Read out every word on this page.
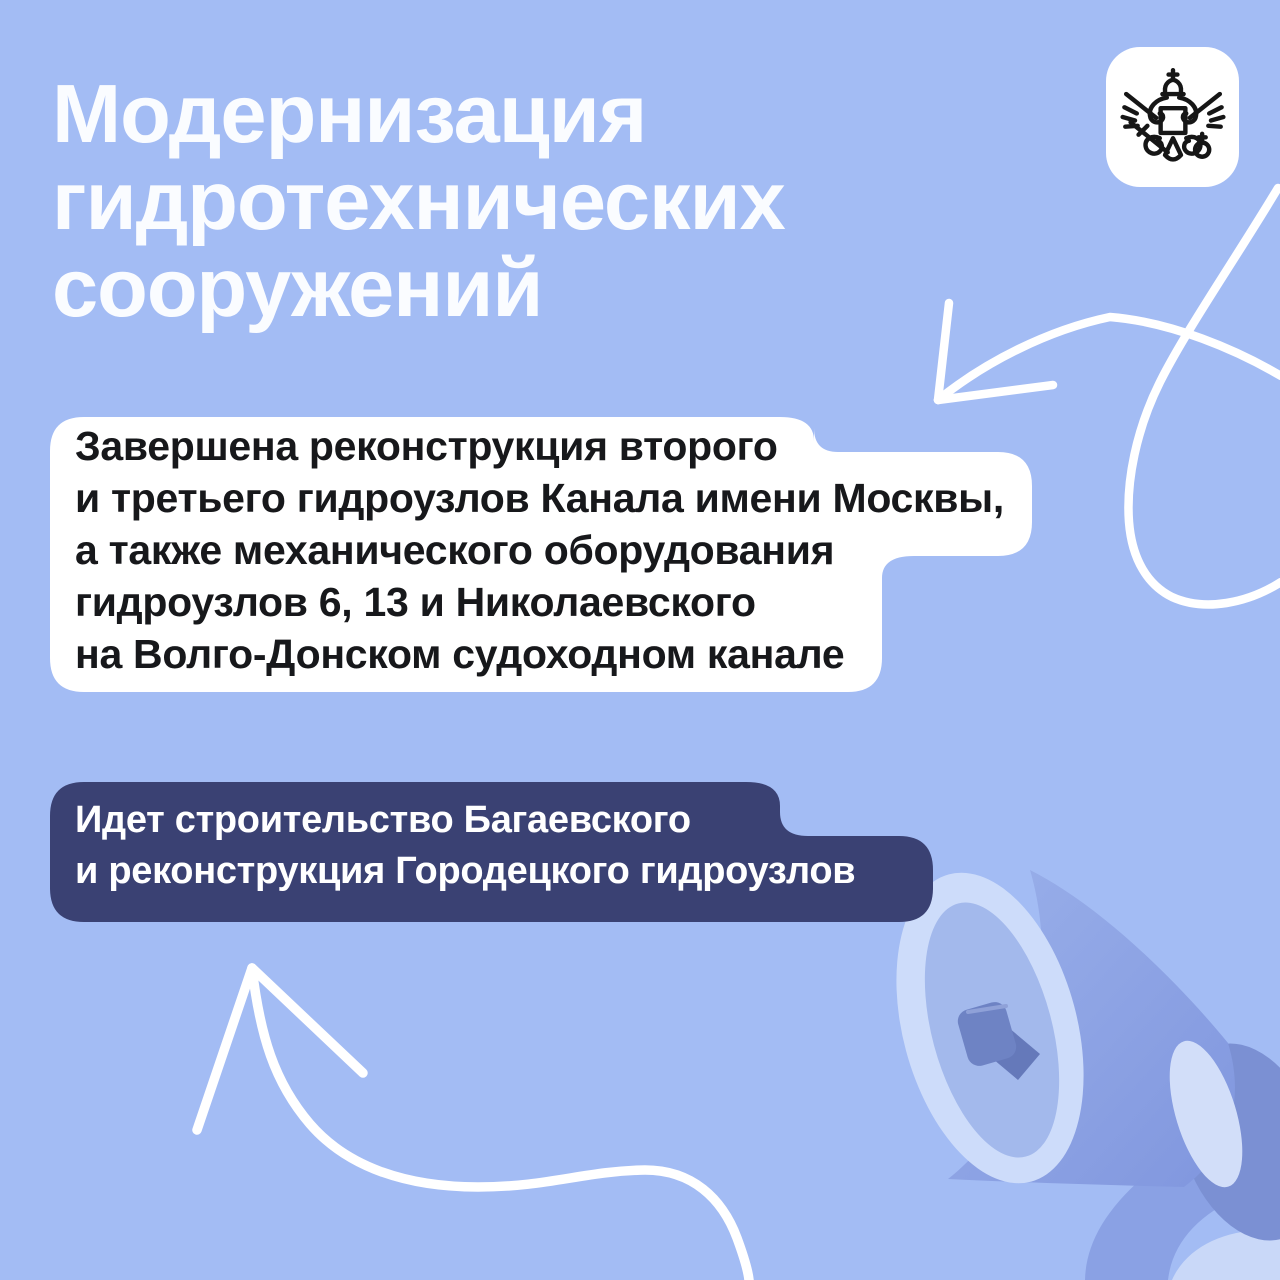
Модернизация
гидротехнических
сооружений
Завершена реконструкция второго
и третьего гидроузлов Канала имени Москвы,
а также механического оборудования
гидроузлов 6, 13 и Николаевского
на Волго-Донском судоходном канале
Идет строительство Багаевского
и реконструкция Городецкого гидроузлов
